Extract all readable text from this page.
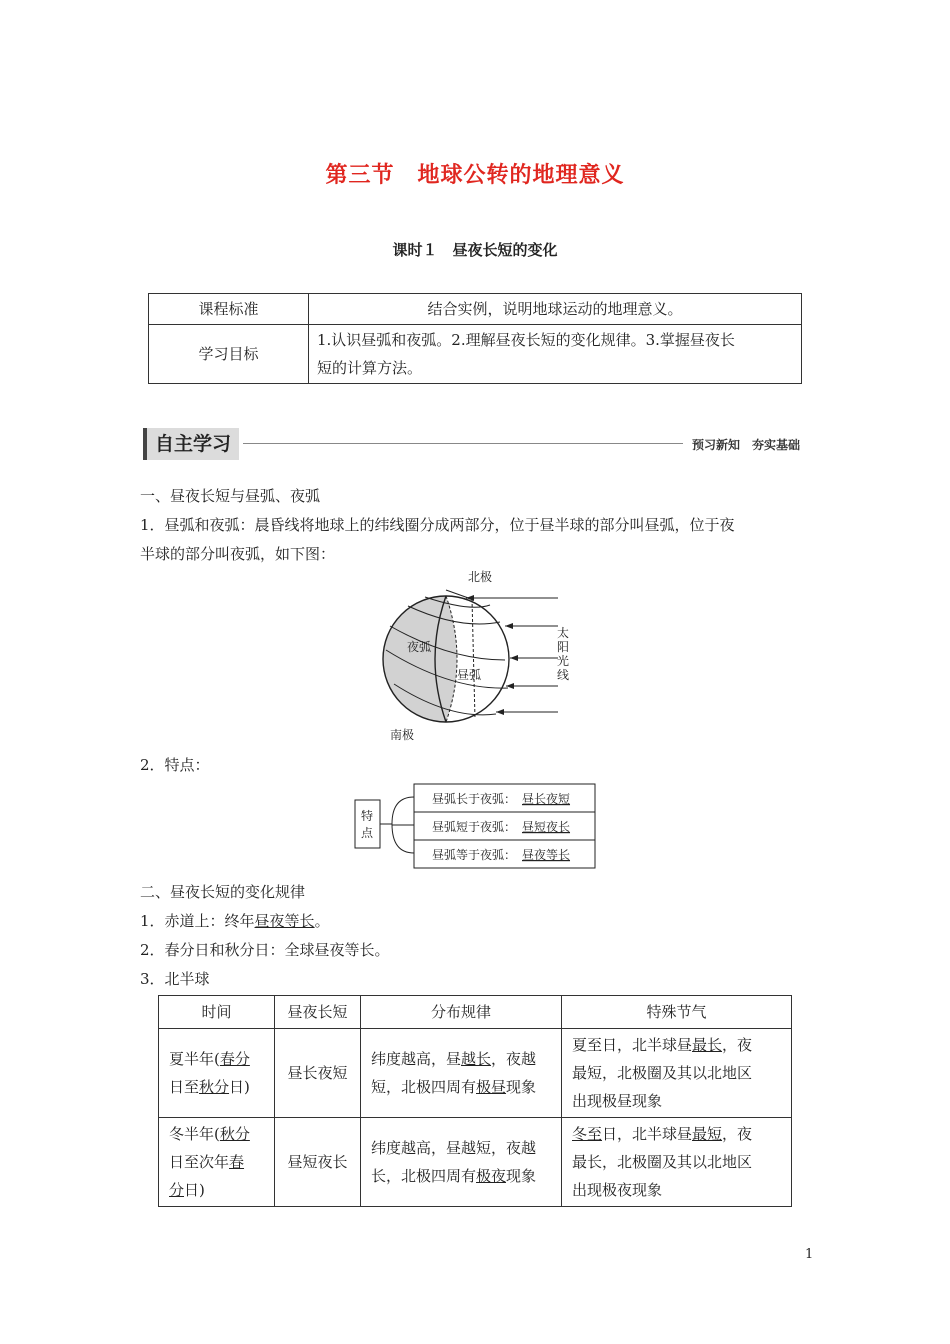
第三节　地球公转的地理意义
课时１　昼夜长短的变化
课程标准	结合实例，说明地球运动的地理意义。
学习目标	1.认识昼弧和夜弧。2.理解昼夜长短的变化规律。3.掌握昼夜长
短的计算方法。
自主学习	预习新知　夯实基础
一、昼夜长短与昼弧、夜弧
1．昼弧和夜弧：晨昏线将地球上的纬线圈分成两部分，位于昼半球的部分叫昼弧，位于夜
半球的部分叫夜弧，如下图：
北极
南极
夜弧
昼弧
太
阳
光
线
2．特点：
特
点
昼弧长于夜弧： 昼长夜短
昼弧短于夜弧： 昼短夜长
昼弧等于夜弧： 昼夜等长
二、昼夜长短的变化规律
1．赤道上：终年昼夜等长。
2．春分日和秋分日：全球昼夜等长。
3．北半球
时间	昼夜长短	分布规律	特殊节气
夏半年(春分
日至秋分日)	昼长夜短	纬度越高，昼越长，夜越
短，北极四周有极昼现象	夏至日，北半球昼最长，夜
最短，北极圈及其以北地区
出现极昼现象
冬半年(秋分
日至次年春
分日)	昼短夜长	纬度越高，昼越短，夜越
长，北极四周有极夜现象	冬至日，北半球昼最短，夜
最长，北极圈及其以北地区
出现极夜现象
1
